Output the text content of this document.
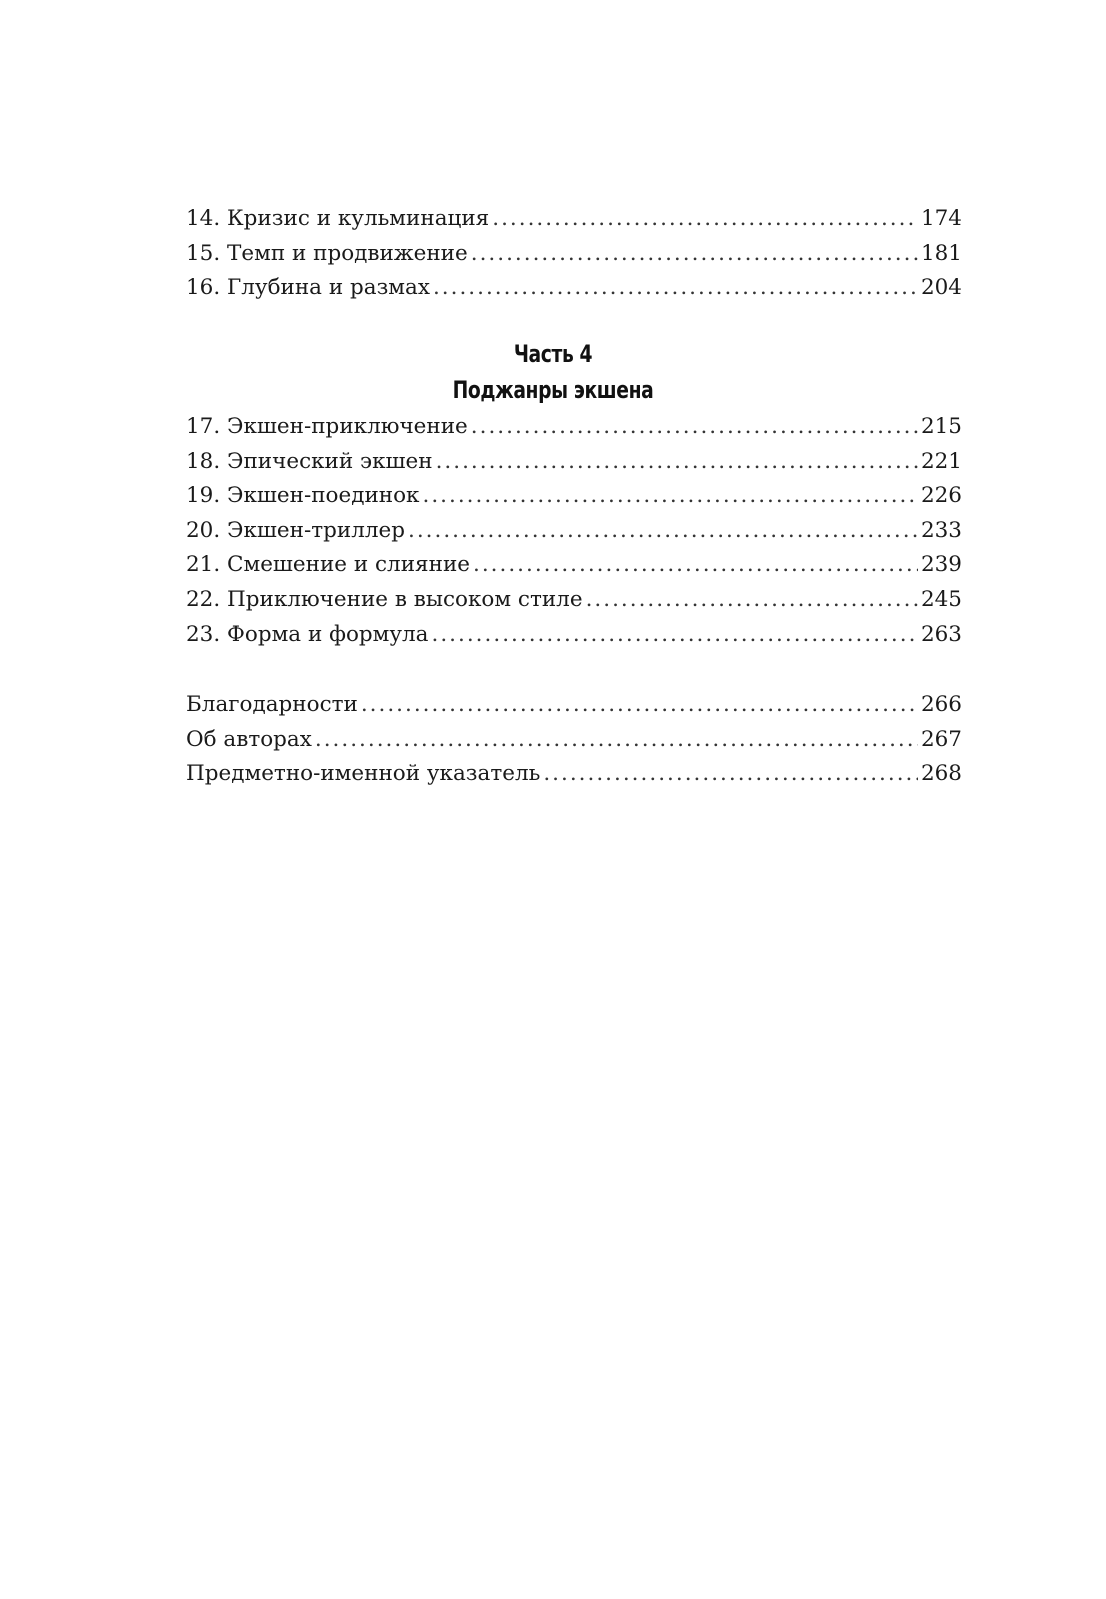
14. Кризис и кульминация .....	174
15. Темп и продвижение .....	181
16. Глубина и размах .....	204
Часть 4
Поджанры экшена
17. Экшен-приключение .....	215
18. Эпический экшен .....	221
19. Экшен-поединок .....	226
20. Экшен-триллер .....	233
21. Смешение и слияние .....	239
22. Приключение в высоком стиле .....	245
23. Форма и формула .....	263
Благодарности .....	266
Об авторах .....	267
Предметно-именной указатель .....	268
